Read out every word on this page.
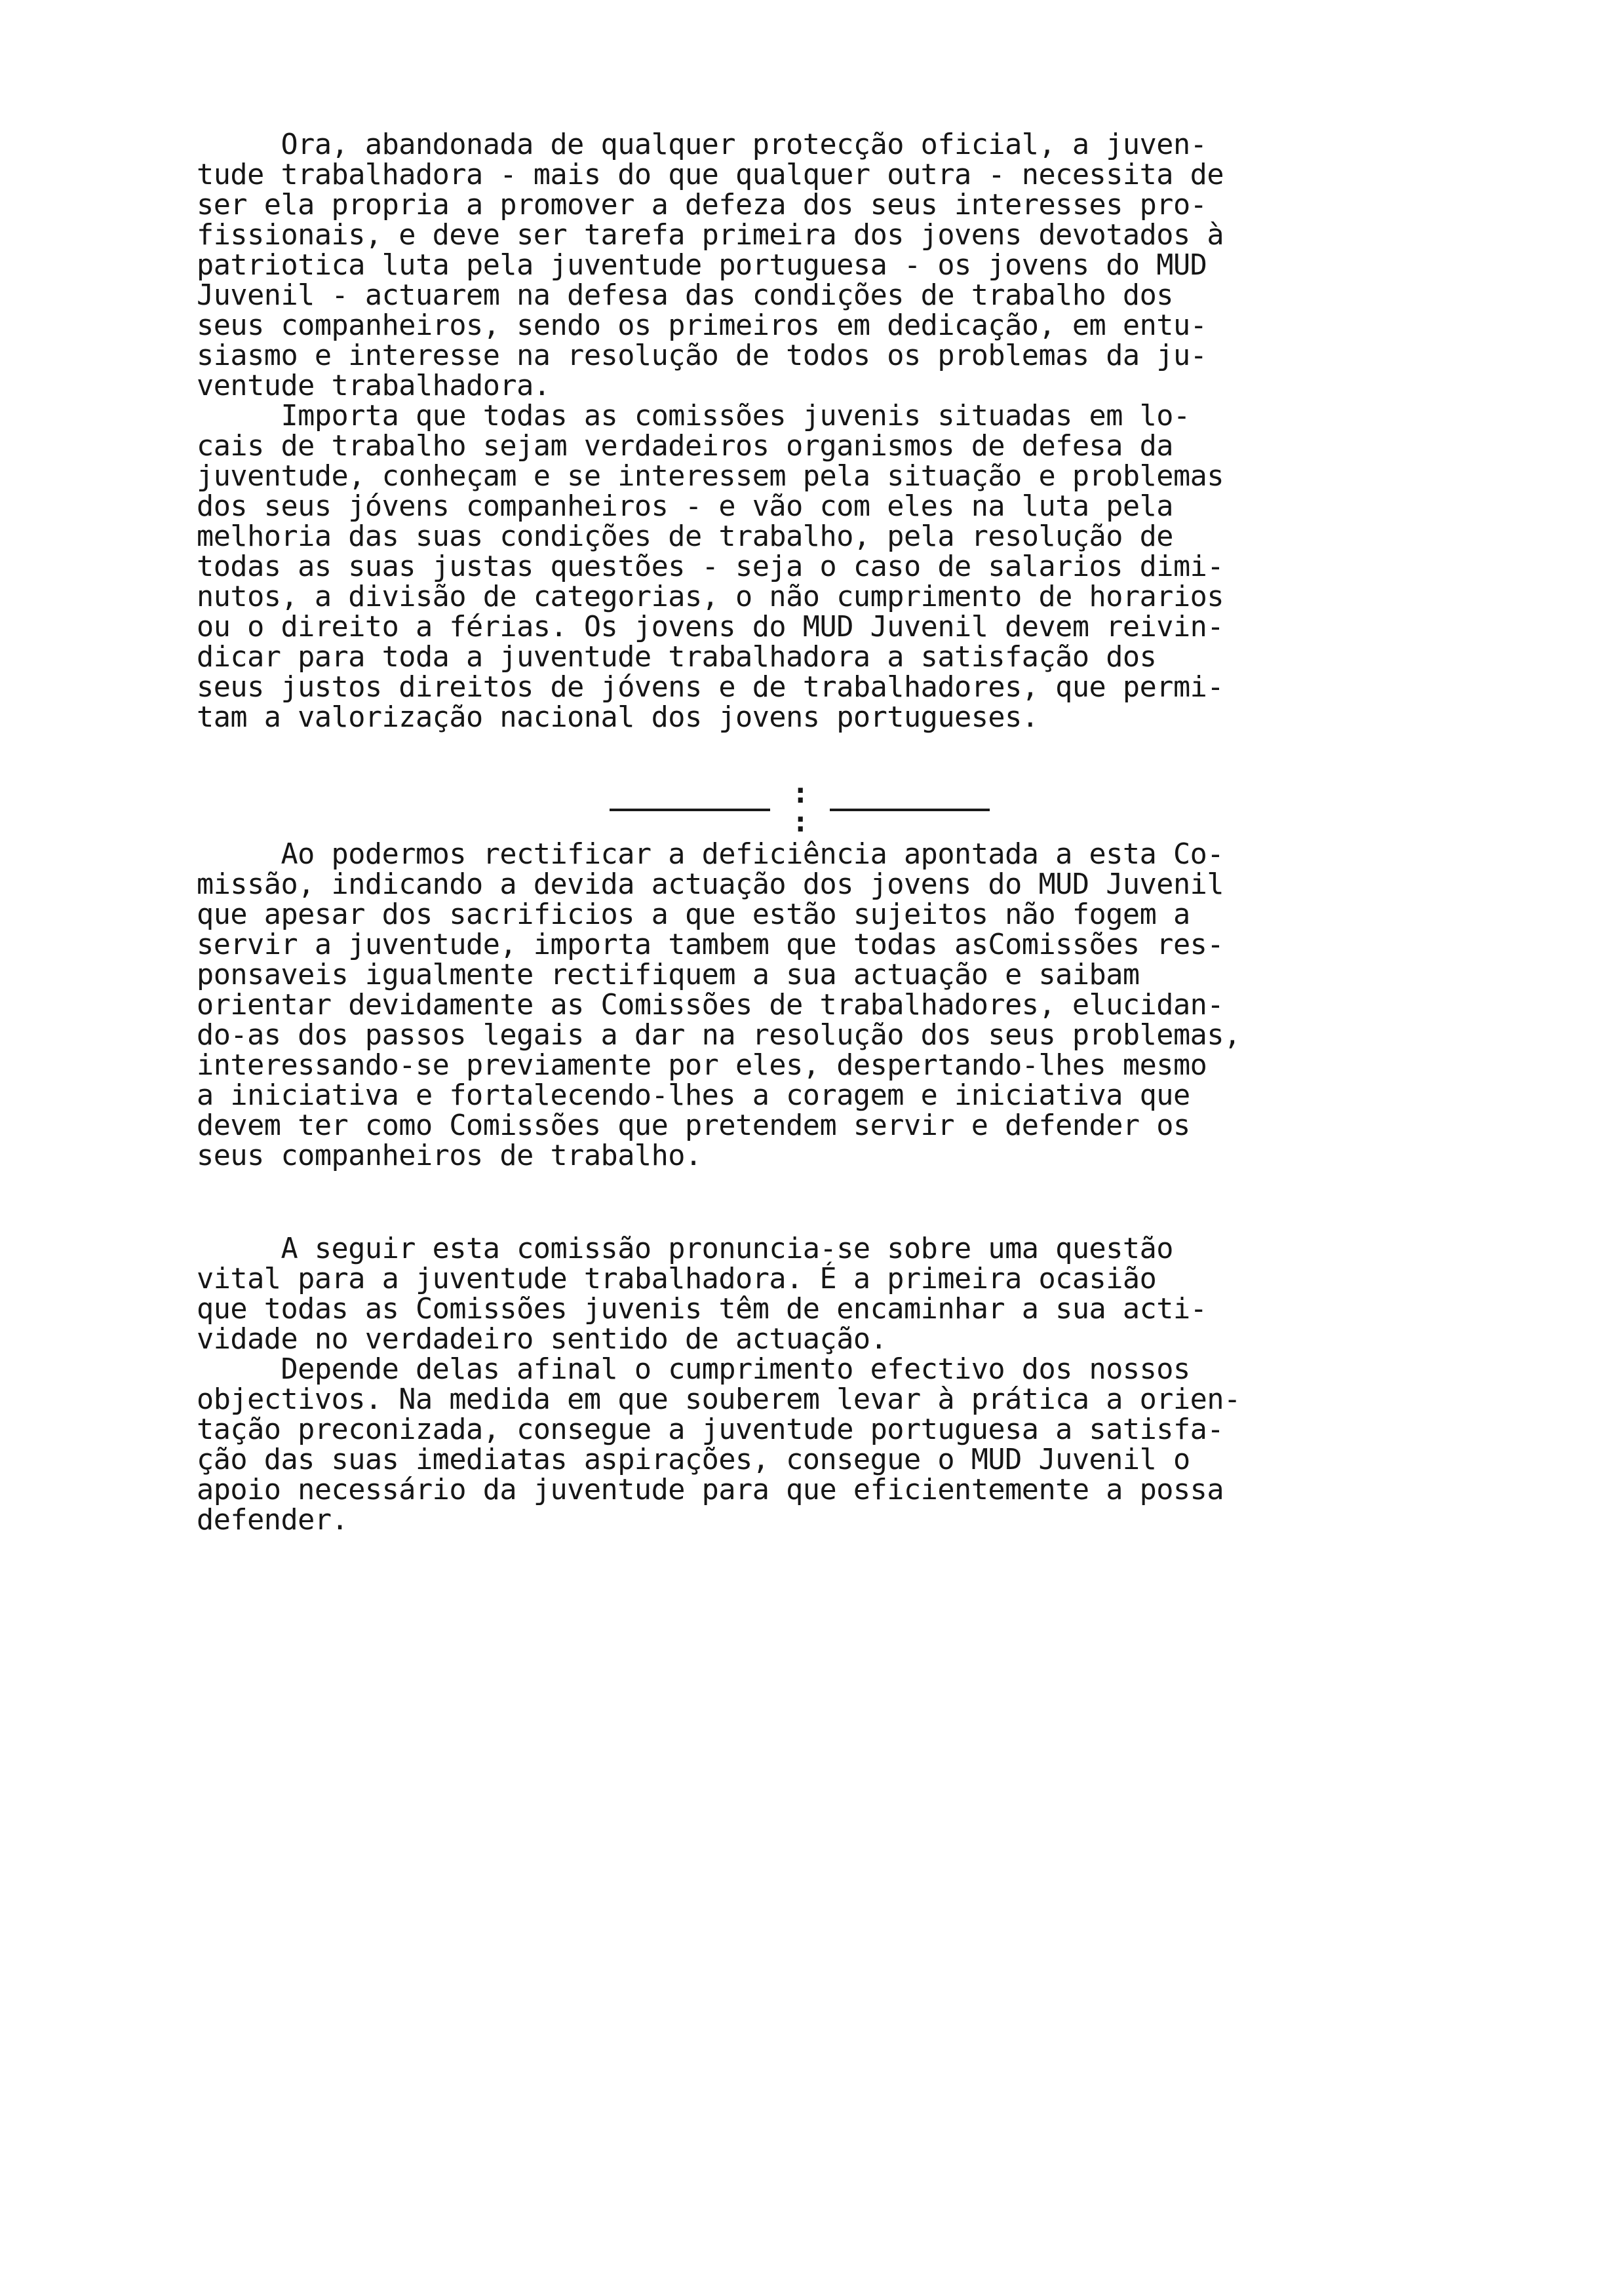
Ora, abandonada de qualquer protecção oficial, a juven-
tude trabalhadora - mais do que qualquer outra - necessita de
ser ela propria a promover a defeza dos seus interesses pro-
fissionais, e deve ser tarefa primeira dos jovens devotados à
patriotica luta pela juventude portuguesa - os jovens do MUD
Juvenil - actuarem na defesa das condições de trabalho dos
seus companheiros, sendo os primeiros em dedicação, em entu-
siasmo e interesse na resolução de todos os problemas da ju-
ventude trabalhadora.
Importa que todas as comissões juvenis situadas em lo-
cais de trabalho sejam verdadeiros organismos de defesa da
juventude, conheçam e se interessem pela situação e problemas
dos seus jóvens companheiros - e vão com eles na luta pela
melhoria das suas condições de trabalho, pela resolução de
todas as suas justas questões - seja o caso de salarios dimi-
nutos, a divisão de categorias, o não cumprimento de horarios
ou o direito a férias. Os jovens do MUD Juvenil devem reivin-
dicar para toda a juventude trabalhadora a satisfação dos
seus justos direitos de jóvens e de trabalhadores, que permi-
tam a valorização nacional dos jovens portugueses.
:
:
Ao podermos rectificar a deficiência apontada a esta Co-
missão, indicando a devida actuação dos jovens do MUD Juvenil
que apesar dos sacrificios a que estão sujeitos não fogem a
servir a juventude, importa tambem que todas asComissões res-
ponsaveis igualmente rectifiquem a sua actuação e saibam
orientar devidamente as Comissões de trabalhadores, elucidan-
do-as dos passos legais a dar na resolução dos seus problemas,
interessando-se previamente por eles, despertando-lhes mesmo
a iniciativa e fortalecendo-lhes a coragem e iniciativa que
devem ter como Comissões que pretendem servir e defender os
seus companheiros de trabalho.
A seguir esta comissão pronuncia-se sobre uma questão
vital para a juventude trabalhadora. É a primeira ocasião
que todas as Comissões juvenis têm de encaminhar a sua acti-
vidade no verdadeiro sentido de actuação.
Depende delas afinal o cumprimento efectivo dos nossos
objectivos. Na medida em que souberem levar à prática a orien-
tação preconizada, consegue a juventude portuguesa a satisfa-
ção das suas imediatas aspirações, consegue o MUD Juvenil o
apoio necessário da juventude para que eficientemente a possa
defender.
